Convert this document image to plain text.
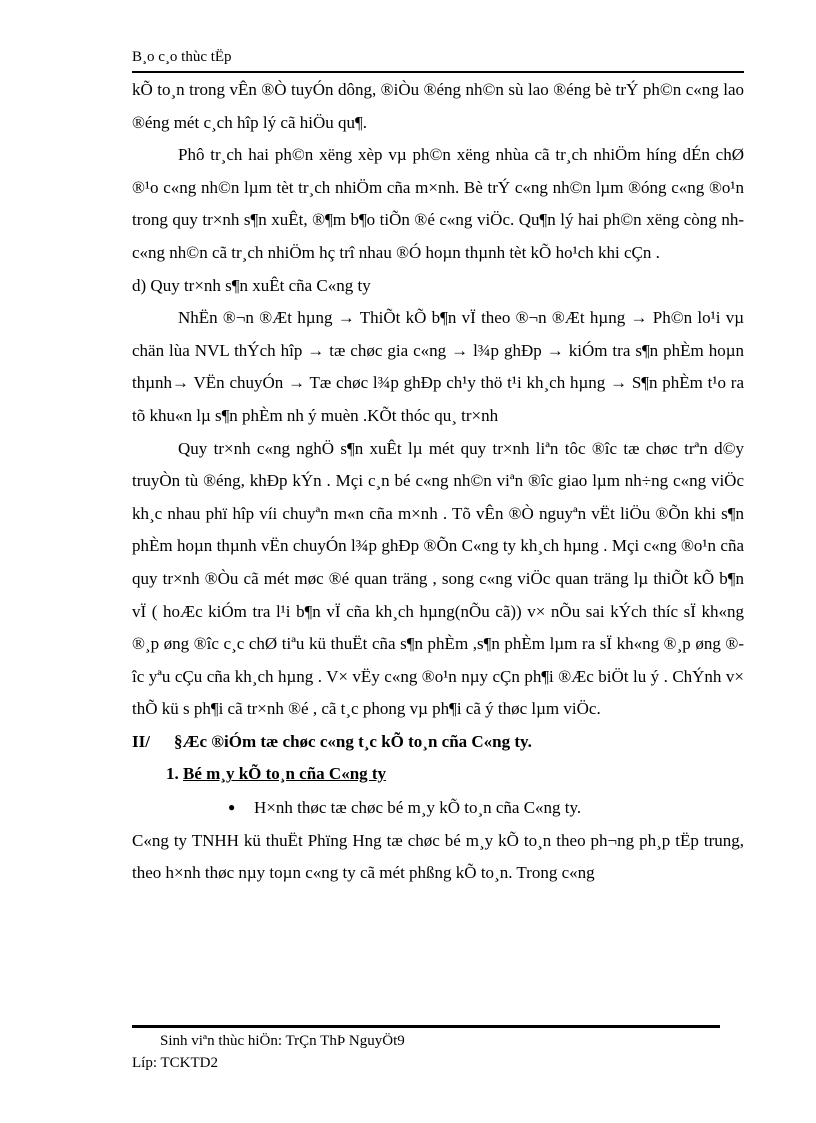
B¸o c¸o thùc tËp

kÕ to¸n trong vÊn ®Ò tuyÓn dông, ®iÒu ®éng nh©n sù lao ®éng bè trÝ ph©n c«ng lao ®éng mét c¸ch hîp lý cã hiÖu qu¶.

Phô tr¸ch hai ph©n xëng xèp vµ ph©n xëng nhùa cã tr¸ch nhiÖm híng dÉn chØ ®¹o c«ng nh©n lµm tèt tr¸ch nhiÖm cña m×nh. Bè trÝ c«ng nh©n lµm ®óng c«ng ®o¹n trong quy tr×nh s¶n xuÊt, ®¶m b¶o tiÕn ®é c«ng viÖc. Qu¶n lý hai ph©n xëng còng nh c«ng nh©n cã tr¸ch nhiÖm hç trî nhau ®Ó hoµn thµnh tèt kÕ ho¹ch khi cÇn .

d) Quy tr×nh s¶n xuÊt cña C«ng ty

NhËn ®¬n ®Æt hµng → ThiÕt kÕ b¶n vÏ theo ®¬n ®Æt hµng → Ph©n lo¹i vµ chän lùa NVL thÝch hîp → tæ chøc gia c«ng → l¾p ghÐp → kiÓm tra s¶n phÈm hoµn thµnh→ VËn chuyÓn → Tæ chøc l¾p ghÐp ch¹y thö t¹i kh¸ch hµng → S¶n phÈm t¹o ra tõ khu«n lµ s¶n phÈm nh ý muèn .KÕt thóc qu¸ tr×nh

Quy tr×nh c«ng nghÖ s¶n xuÊt lµ mét quy tr×nh liªn tôc ®îc tæ chøc trªn d©y truyÒn tù ®éng, khÐp kÝn . Mçi c¸n bé c«ng nh©n viªn ®îc giao lµm nh÷ng c«ng viÖc kh¸c nhau phï hîp víi chuyªn m«n cña m×nh . Tõ vÊn ®Ò nguyªn vËt liÖu ®Õn khi s¶n phÈm hoµn thµnh vËn chuyÓn l¾p ghÐp ®Õn C«ng ty kh¸ch hµng . Mçi c«ng ®o¹n cña quy tr×nh ®Òu cã mét møc ®é quan träng , song c«ng viÖc quan träng lµ thiÕt kÕ b¶n vÏ ( hoÆc kiÓm tra l¹i b¶n vÏ cña kh¸ch hµng(nÕu cã)) v× nÕu sai kÝch thíc sÏ kh«ng ®¸p øng ®îc c¸c chØ tiªu kü thuËt cña s¶n phÈm ,s¶n phÈm lµm ra sÏ kh«ng ®¸p øng ®îc yªu cÇu cña kh¸ch hµng . V× vËy c«ng ®o¹n nµy cÇn ph¶i ®Æc biÖt lu ý . ChÝnh v× thÕ kü s ph¶i cã tr×nh ®é , cã t¸c phong vµ ph¶i cã ý thøc lµm viÖc.

II/ §Æc ®iÓm tæ chøc c«ng t¸c kÕ to¸n cña C«ng ty.

1. Bé m¸y kÕ to¸n cña C«ng ty

● H×nh thøc tæ chøc bé m¸y kÕ to¸n cña C«ng ty.

C«ng ty TNHH kü thuËt Phïng Hng tæ chøc bé m¸y kÕ to¸n theo ph¬ng ph¸p tËp trung, theo h×nh thøc nµy toµn c«ng ty cã mét phßng kÕ to¸n. Trong c«ng

Sinh viªn thùc hiÖn: TrÇn ThÞ NguyÖt9
Líp: TCKTD2
